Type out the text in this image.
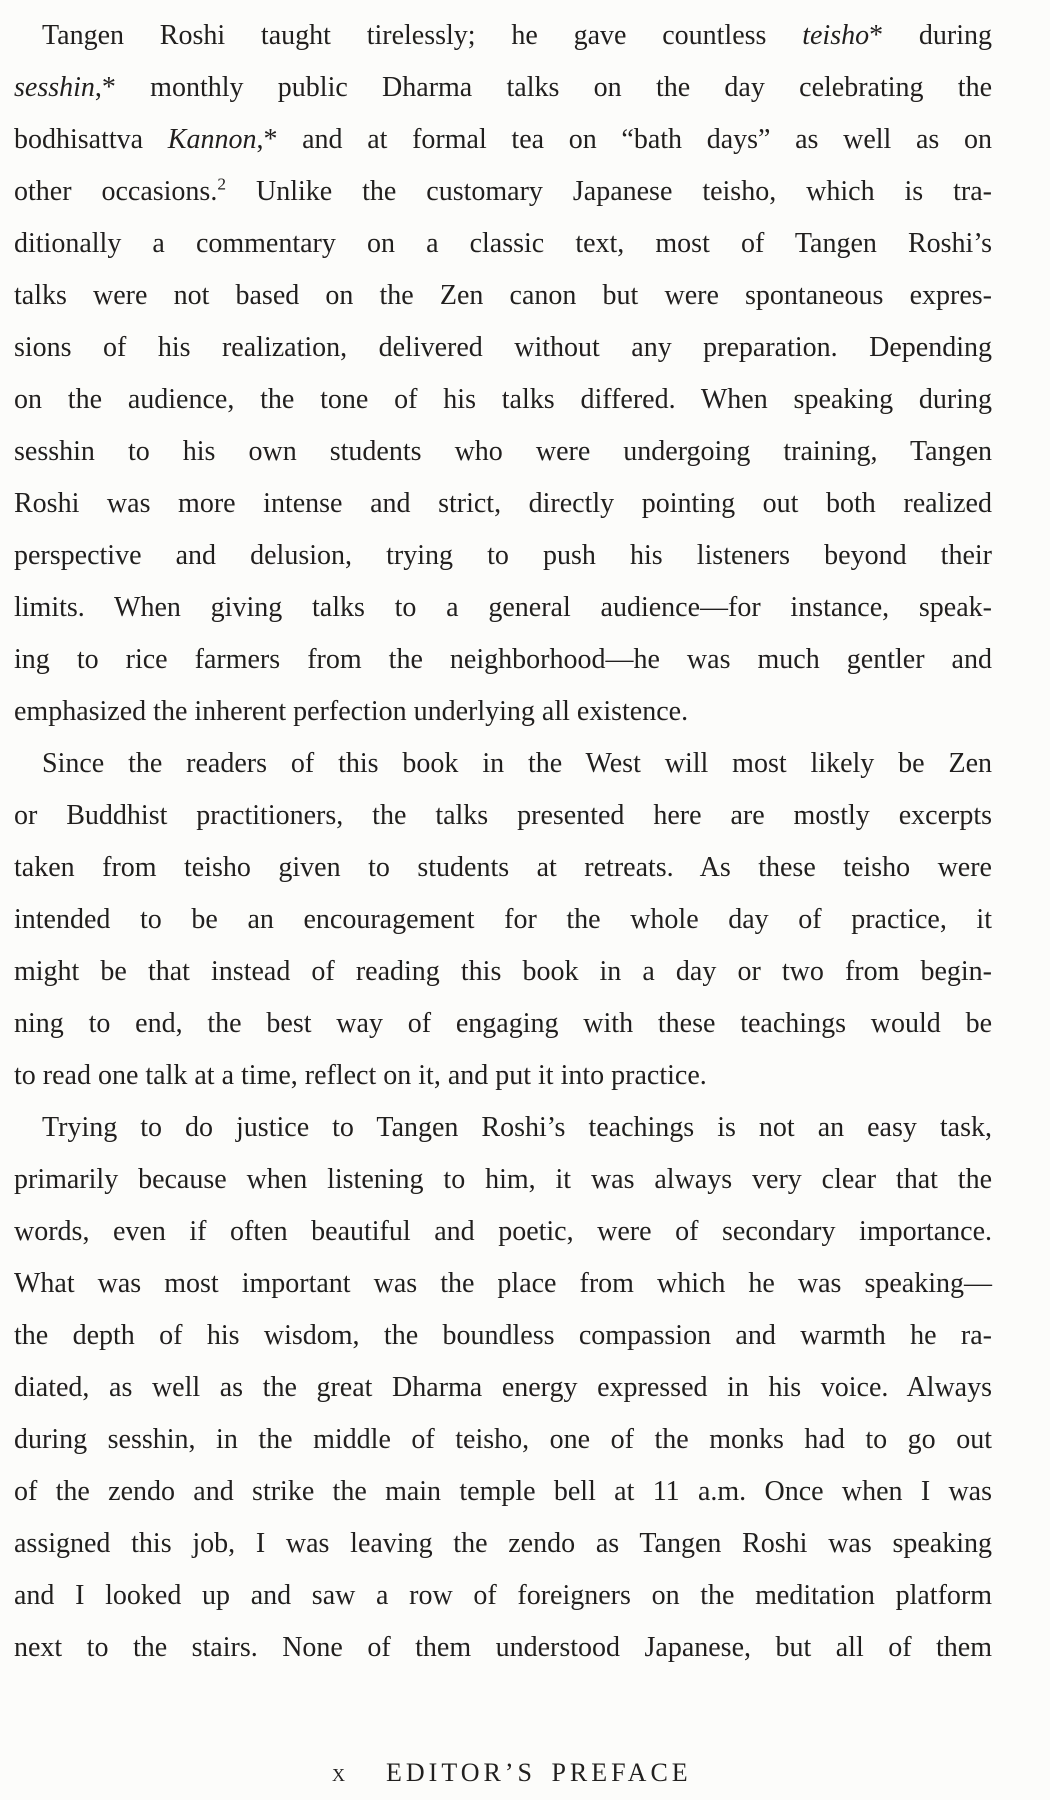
Tangen Roshi taught tirelessly; he gave countless teisho* during
sesshin,* monthly public Dharma talks on the day celebrating the
bodhisattva Kannon,* and at formal tea on “bath days” as well as on
other occasions.$^2$ Unlike the customary Japanese teisho, which is tra-
ditionally a commentary on a classic text, most of Tangen Roshi’s
talks were not based on the Zen canon but were spontaneous expres-
sions of his realization, delivered without any preparation. Depending
on the audience, the tone of his talks differed. When speaking during
sesshin to his own students who were undergoing training, Tangen
Roshi was more intense and strict, directly pointing out both realized
perspective and delusion, trying to push his listeners beyond their
limits. When giving talks to a general audience—for instance, speak-
ing to rice farmers from the neighborhood—he was much gentler and
emphasized the inherent perfection underlying all existence.
Since the readers of this book in the West will most likely be Zen
or Buddhist practitioners, the talks presented here are mostly excerpts
taken from teisho given to students at retreats. As these teisho were
intended to be an encouragement for the whole day of practice, it
might be that instead of reading this book in a day or two from begin-
ning to end, the best way of engaging with these teachings would be
to read one talk at a time, reflect on it, and put it into practice.
Trying to do justice to Tangen Roshi’s teachings is not an easy task,
primarily because when listening to him, it was always very clear that the
words, even if often beautiful and poetic, were of secondary importance.
What was most important was the place from which he was speaking—
the depth of his wisdom, the boundless compassion and warmth he ra-
diated, as well as the great Dharma energy expressed in his voice. Always
during sesshin, in the middle of teisho, one of the monks had to go out
of the zendo and strike the main temple bell at 11 a.m. Once when I was
assigned this job, I was leaving the zendo as Tangen Roshi was speaking
and I looked up and saw a row of foreigners on the meditation platform
next to the stairs. None of them understood Japanese, but all of them
x EDITOR’S PREFACE
